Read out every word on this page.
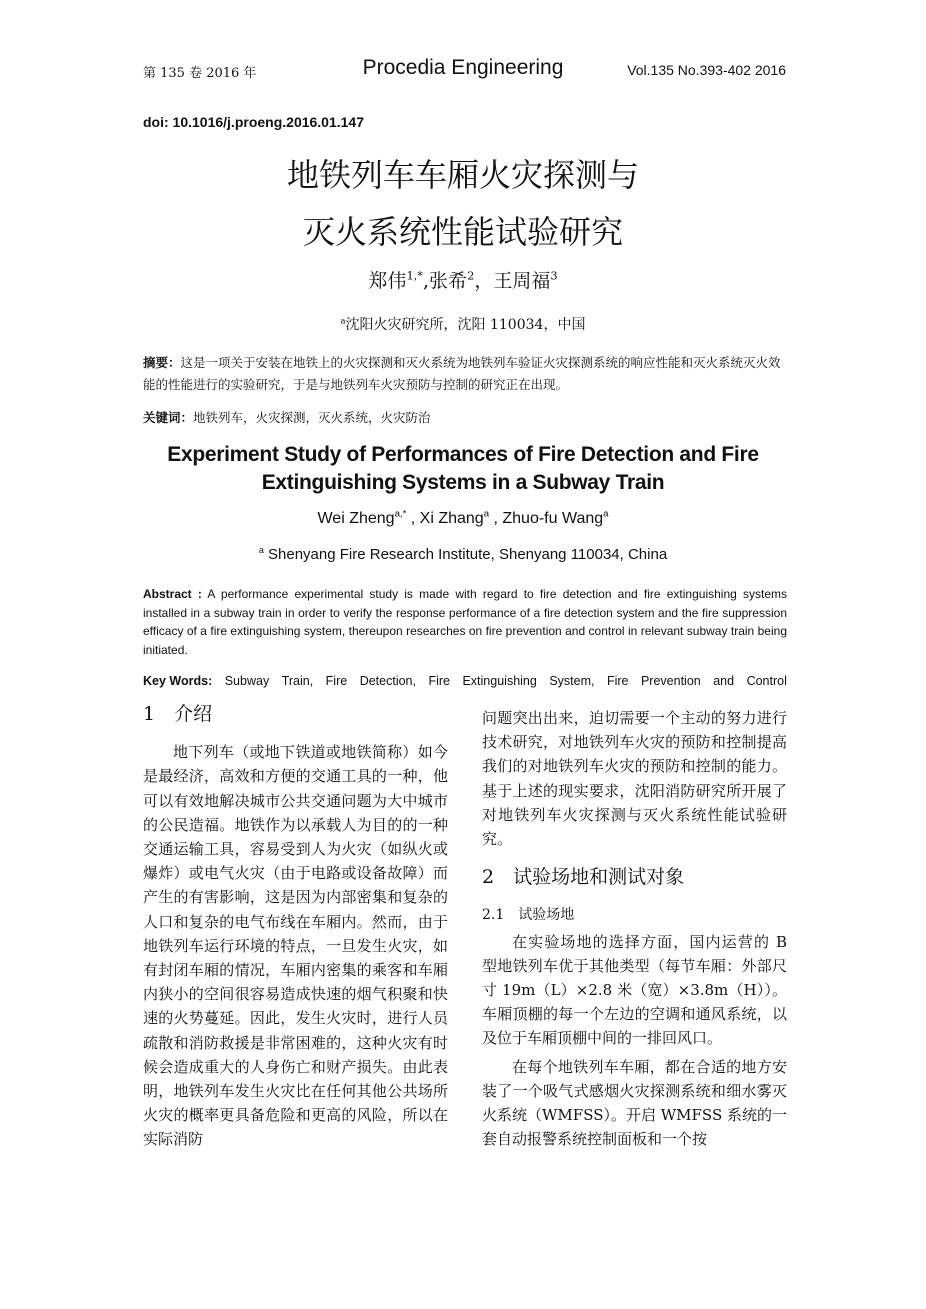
第 135 卷 2016 年	Procedia Engineering	Vol.135 No.393-402 2016
doi: 10.1016/j.proeng.2016.01.147
地铁列车车厢火灾探测与
灭火系统性能试验研究
郑伟$^{1,*}$,张希$^2$，王周福$^3$
$^a$沈阳火灾研究所，沈阳 110034，中国
摘要：这是一项关于安装在地铁上的火灾探测和灭火系统为地铁列车验证火灾探测系统的响应性能和灭火系统灭火效能的性能进行的实验研究，于是与地铁列车火灾预防与控制的研究正在出现。
关键词：地铁列车，火灾探测，灭火系统，火灾防治
Experiment Study of Performances of Fire Detection and Fire
Extinguishing Systems in a Subway Train
Wei Zheng$^{a,*}$ , Xi Zhang$^a$ , Zhuo-fu Wang$^a$
$^a$ Shenyang Fire Research Institute, Shenyang 110034, China
Abstract : A performance experimental study is made with regard to fire detection and fire extinguishing systems installed in a subway train in order to verify the response performance of a fire detection system and the fire suppression efficacy of a fire extinguishing system, thereupon researches on fire prevention and control in relevant subway train being initiated.
Key Words: Subway Train, Fire Detection, Fire Extinguishing System, Fire Prevention and Control
1　介绍

地下列车（或地下铁道或地铁简称）如今是最经济，高效和方便的交通工具的一种，他可以有效地解决城市公共交通问题为大中城市的公民造福。地铁作为以承载人为目的的一种交通运输工具，容易受到人为火灾（如纵火或爆炸）或电气火灾（由于电路或设备故障）而产生的有害影响，这是因为内部密集和复杂的人口和复杂的电气布线在车厢内。然而，由于地铁列车运行环境的特点，一旦发生火灾，如有封闭车厢的情况，车厢内密集的乘客和车厢内狭小的空间很容易造成快速的烟气积聚和快速的火势蔓延。因此，发生火灾时，进行人员疏散和消防救援是非常困难的，这种火灾有时候会造成重大的人身伤亡和财产损失。由此表明，地铁列车发生火灾比在任何其他公共场所火灾的概率更具备危险和更高的风险，所以在实际消防

问题突出出来，迫切需要一个主动的努力进行技术研究，对地铁列车火灾的预防和控制提高我们的对地铁列车火灾的预防和控制的能力。基于上述的现实要求，沈阳消防研究所开展了对地铁列车火灾探测与灭火系统性能试验研究。

2　试验场地和测试对象
2.1　试验场地

在实验场地的选择方面，国内运营的 B 型地铁列车优于其他类型（每节车厢：外部尺寸 19m（L）×2.8 米（宽）×3.8m（H））。车厢顶棚的每一个左边的空调和通风系统，以及位于车厢顶棚中间的一排回风口。

在每个地铁列车车厢，都在合适的地方安装了一个吸气式感烟火灾探测系统和细水雾灭火系统（WMFSS）。开启 WMFSS 系统的一套自动报警系统控制面板和一个按
